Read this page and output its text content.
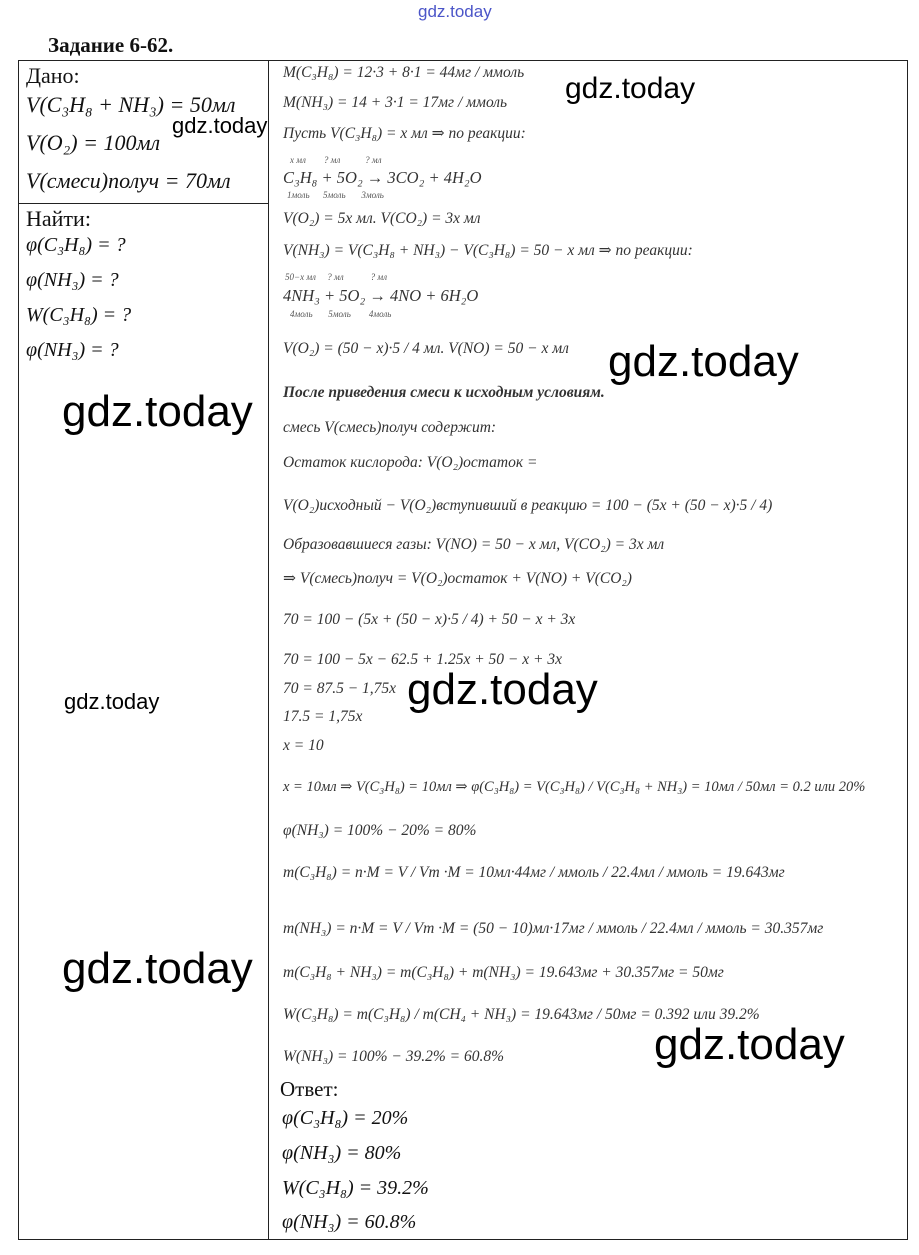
gdz.today
gdz.today
gdz.today
gdz.today
gdz.today
gdz.today
gdz.today
gdz.today
gdz.today
Задание 6-62.
Дано:
V(C₃H₈ + NH₃) = 50мл
V(O₂) = 100мл
V(смеси)получ = 70мл
Найти:
φ(C₃H₈) = ?
φ(NH₃) = ?
W(C₃H₈) = ?
φ(NH₃) = ?
M(C₃H₈) = 12·3 + 8·1 = 44мг / ммоль
M(NH₃) = 14 + 3·1 = 17мг / ммоль
Пусть V(C₃H₈) = x мл ⇒ по реакции:
x мл        ? мл           ? мл
C₃H₈ + 5O₂ → 3CO₂ + 4H₂O
1моль      5моль       3моль
V(O₂) = 5x мл. V(CO₂) = 3x мл
V(NH₃) = V(C₃H₈ + NH₃) − V(C₃H₈) = 50 − x мл ⇒ по реакции:
50−x мл     ? мл            ? мл
4NH₃ + 5O₂ → 4NO + 6H₂O
4моль       5моль        4моль
V(O₂) = (50 − x)·5 / 4 мл. V(NO) = 50 − x мл
После приведения смеси к исходным условиям.
смесь V(смесь)получ содержит:
Остаток кислорода: V(O₂)остаток =
V(O₂)исходный − V(O₂)вступивший в реакцию = 100 − (5x + (50 − x)·5 / 4)
Образовавшиеся газы: V(NO) = 50 − x мл, V(CO₂) = 3x мл
⇒ V(смесь)получ = V(O₂)остаток + V(NO) + V(CO₂)
70 = 100 − (5x + (50 − x)·5 / 4) + 50 − x + 3x
70 = 100 − 5x − 62.5 + 1.25x + 50 − x + 3x
70 = 87.5 − 1,75x
17.5 = 1,75x
x = 10
x = 10мл ⇒ V(C₃H₈) = 10мл ⇒ φ(C₃H₈) = V(C₃H₈) / V(C₃H₈ + NH₃) = 10мл / 50мл = 0.2 или 20%
φ(NH₃) = 100% − 20% = 80%
m(C₃H₈) = n·M = V / Vm ·M = 10мл·44мг / ммоль / 22.4мл / ммоль = 19.643мг
m(NH₃) = n·M = V / Vm ·M = (50 − 10)мл·17мг / ммоль / 22.4мл / ммоль = 30.357мг
m(C₃H₈ + NH₃) = m(C₃H₈) + m(NH₃) = 19.643мг + 30.357мг = 50мг
W(C₃H₈) = m(C₃H₈) / m(CH₄ + NH₃) = 19.643мг / 50мг = 0.392 или 39.2%
W(NH₃) = 100% − 39.2% = 60.8%
Ответ:
φ(C₃H₈) = 20%
φ(NH₃) = 80%
W(C₃H₈) = 39.2%
φ(NH₃) = 60.8%
